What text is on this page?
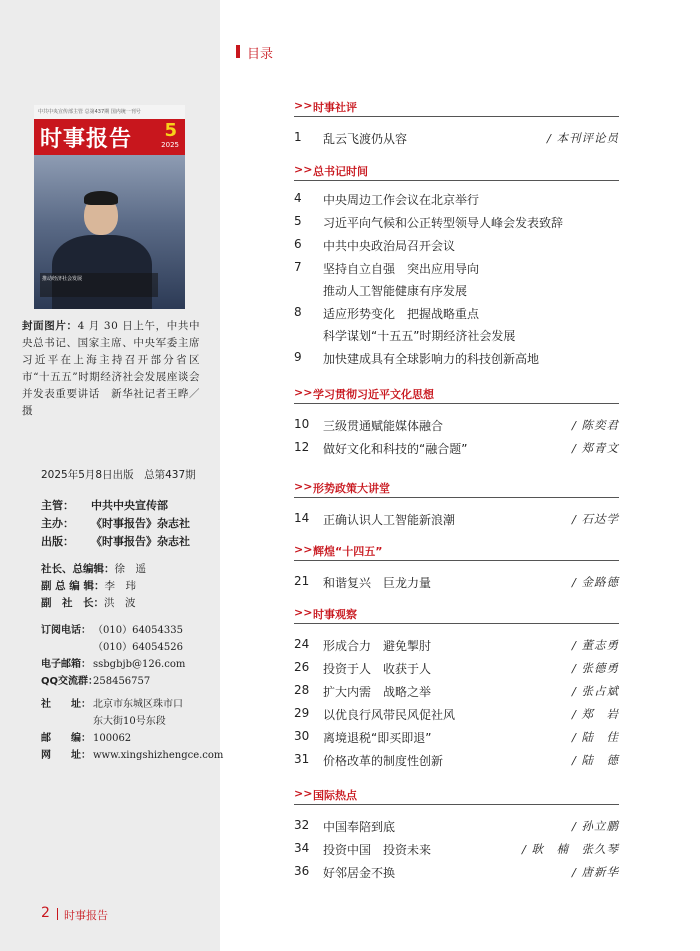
中共中央宣传部主管 总第437期 国内统一刊号
时事报告 5
2025
推动经济社会发展
封面图片：4 月 30 日上午，中共中央总书记、国家主席、中央军委主席习近平在上海主持召开部分省区市“十五五”时期经济社会发展座谈会并发表重要讲话　新华社记者王晔／摄
2025年5月8日出版　总第437期
主管：	中共中央宣传部
主办：	《时事报告》杂志社
出版：	《时事报告》杂志社
社长、总编辑： 徐　遥
副 总 编 辑： 李　玮
副　社　长： 洪　波
订阅电话： （010）64054335
（010）64054526
电子邮箱： ssbgbjb@126.com
QQ交流群：
258456757
社　　址： 北京市东城区珠市口
东大街10号东段
邮　　编： 100062
网　　址： www.xingshizhengce.com
2 时事报告
目录
>> 时事社评
1 乱云飞渡仍从容	/ 本刊评论员
>> 总书记时间
4 中央周边工作会议在北京举行
5 习近平向气候和公正转型领导人峰会发表致辞
6 中共中央政治局召开会议
7 坚持自立自强　突出应用导向
推动人工智能健康有序发展
8 适应形势变化　把握战略重点
科学谋划“十五五”时期经济社会发展
9 加快建成具有全球影响力的科技创新高地
>> 学习贯彻习近平文化思想
10 三级贯通赋能媒体融合	/ 陈奕君
12 做好文化和科技的“融合题”	/ 郑青文
>> 形势政策大讲堂
14 正确认识人工智能新浪潮	/ 石达学
>> 辉煌“十四五”
21 和谐复兴　巨龙力量	/ 金路德
>> 时事观察
24 形成合力　避免掣肘	/ 董志勇
26 投资于人　收获于人	/ 张德勇
28 扩大内需　战略之举	/ 张占斌
29 以优良行风带民风促社风	/ 郑　岩
30 离境退税“即买即退”	/ 陆　佳
31 价格改革的制度性创新	/ 陆　德
>> 国际热点
32 中国奉陪到底	/ 孙立鹏
34 投资中国　投资未来	/ 耿　楠　张久琴
36 好邻居金不换	/ 唐新华
